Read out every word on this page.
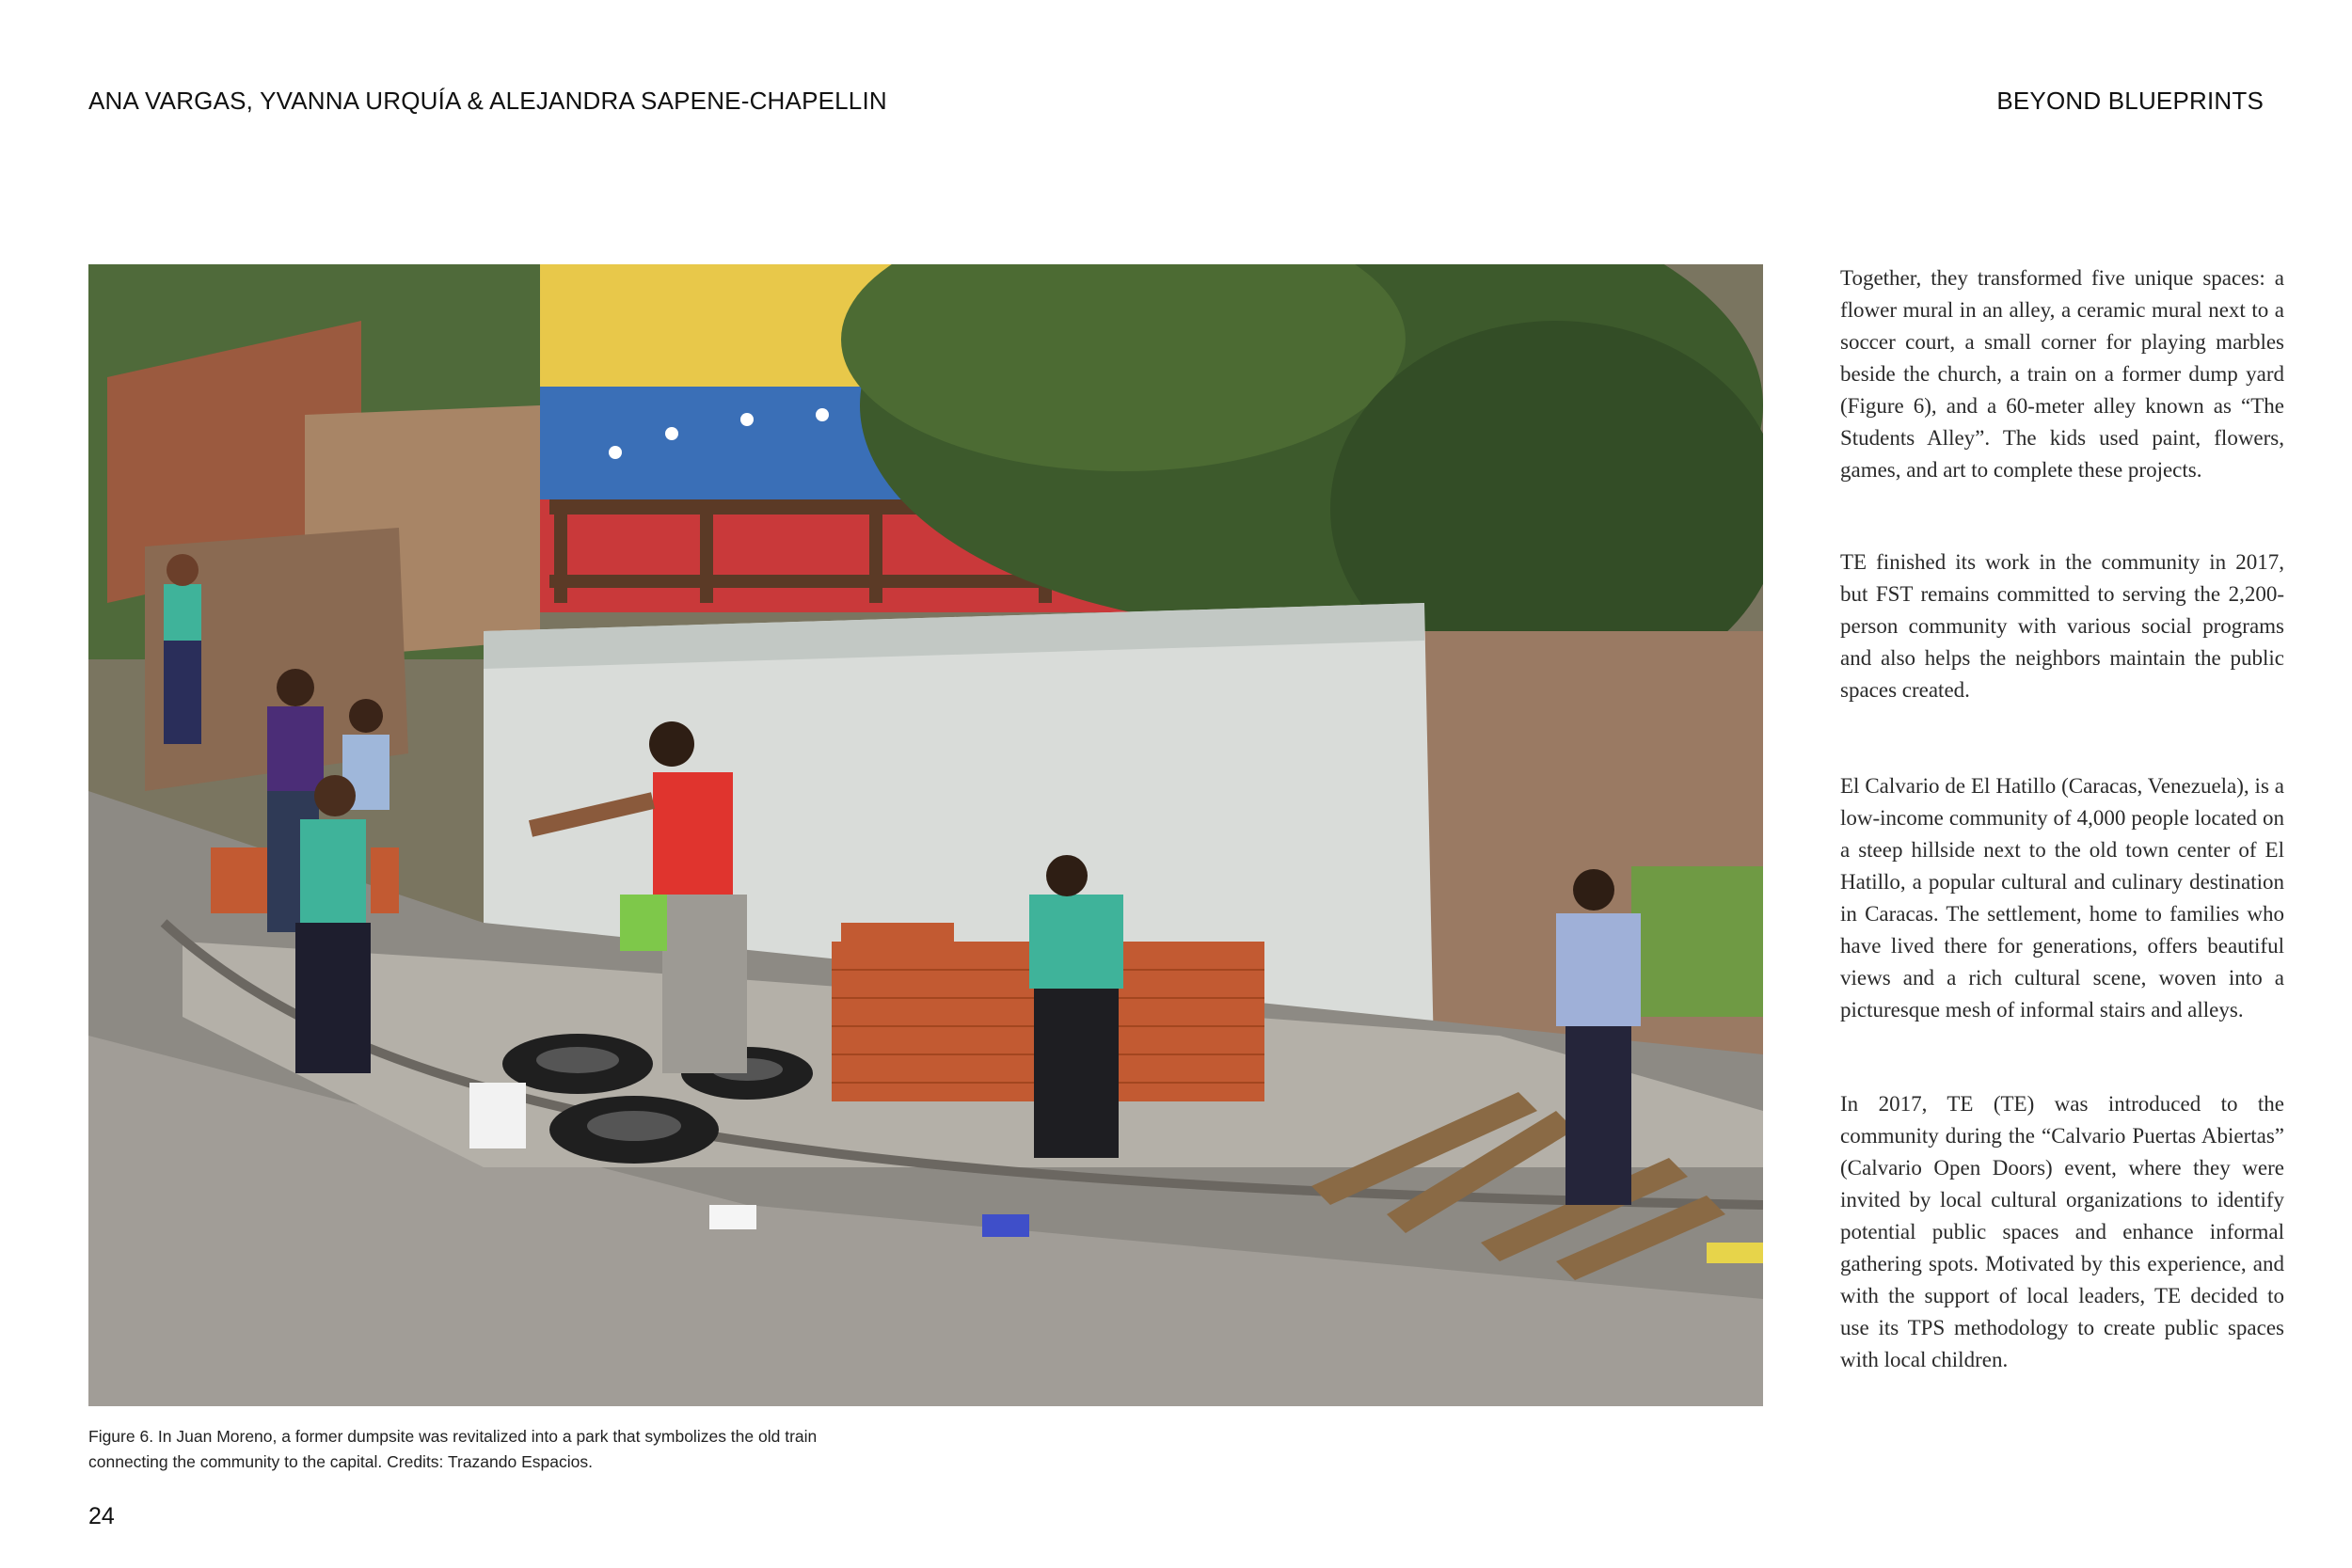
ANA VARGAS, YVANNA URQUÍA & ALEJANDRA SAPENE-CHAPELLIN	BEYOND BLUEPRINTS
Figure 6. In Juan Moreno, a former dumpsite was revitalized into a park that symbolizes the old train
connecting the community to the capital. Credits: Trazando Espacios.
24

Together, they transformed five unique spaces: a flower mural in an alley, a ceramic mural next to a soccer court, a small corner for playing marbles beside the church, a train on a former dump yard (Figure 6), and a 60-meter alley known as “The Students Alley”. The kids used paint, flowers, games, and art to complete these projects.

TE finished its work in the community in 2017, but FST remains committed to serving the 2,200-person community with various social programs and also helps the neighbors maintain the public spaces created.

El Calvario de El Hatillo (Caracas, Venezuela), is a low-income community of 4,000 people located on a steep hillside next to the old town center of El Hatillo, a popular cultural and culinary destination in Caracas. The settlement, home to families who have lived there for generations, offers beautiful views and a rich cultural scene, woven into a picturesque mesh of informal stairs and alleys.

In 2017, TE (TE) was introduced to the community during the “Calvario Puertas Abiertas” (Calvario Open Doors) event, where they were invited by local cultural organizations to identify potential public spaces and enhance informal gathering spots. Motivated by this experience, and with the support of local leaders, TE decided to use its TPS methodology to create public spaces with local children.
